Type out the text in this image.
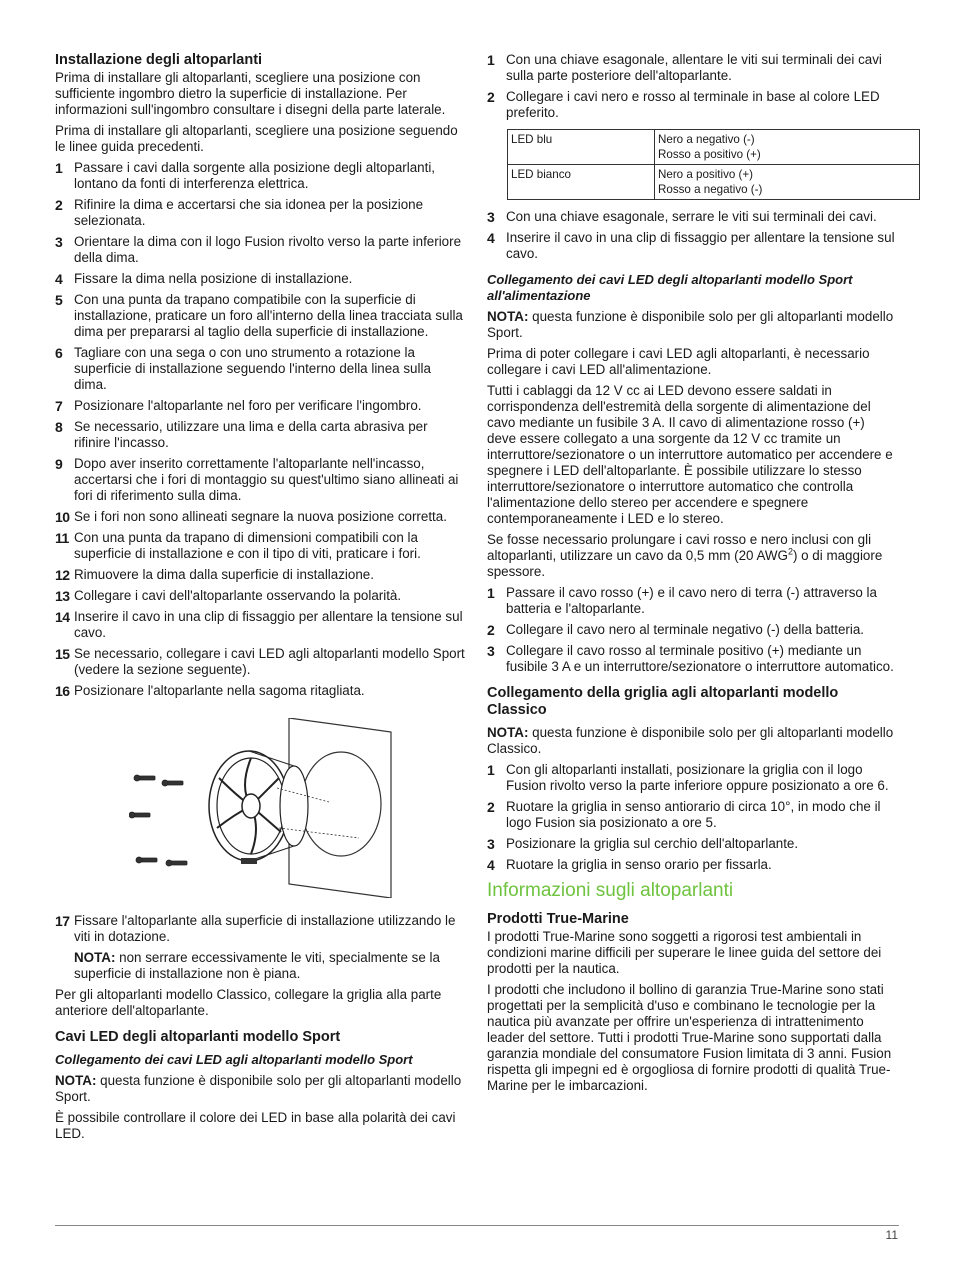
Installazione degli altoparlanti

Prima di installare gli altoparlanti, scegliere una posizione con sufficiente ingombro dietro la superficie di installazione. Per informazioni sull'ingombro consultare i disegni della parte laterale.

Prima di installare gli altoparlanti, scegliere una posizione seguendo le linee guida precedenti.

1 Passare i cavi dalla sorgente alla posizione degli altoparlanti, lontano da fonti di interferenza elettrica.
2 Rifinire la dima e accertarsi che sia idonea per la posizione selezionata.
3 Orientare la dima con il logo Fusion rivolto verso la parte inferiore della dima.
4 Fissare la dima nella posizione di installazione.
5 Con una punta da trapano compatibile con la superficie di installazione, praticare un foro all'interno della linea tracciata sulla dima per prepararsi al taglio della superficie di installazione.
6 Tagliare con una sega o con uno strumento a rotazione la superficie di installazione seguendo l'interno della linea sulla dima.
7 Posizionare l'altoparlante nel foro per verificare l'ingombro.
8 Se necessario, utilizzare una lima e della carta abrasiva per rifinire l'incasso.
9 Dopo aver inserito correttamente l'altoparlante nell'incasso, accertarsi che i fori di montaggio su quest'ultimo siano allineati ai fori di riferimento sulla dima.
10 Se i fori non sono allineati segnare la nuova posizione corretta.
11 Con una punta da trapano di dimensioni compatibili con la superficie di installazione e con il tipo di viti, praticare i fori.
12 Rimuovere la dima dalla superficie di installazione.
13 Collegare i cavi dell'altoparlante osservando la polarità.
14 Inserire il cavo in una clip di fissaggio per allentare la tensione sul cavo.
15 Se necessario, collegare i cavi LED agli altoparlanti modello Sport (vedere la sezione seguente).
16 Posizionare l'altoparlante nella sagoma ritagliata.
17 Fissare l'altoparlante alla superficie di installazione utilizzando le viti in dotazione.

NOTA: non serrare eccessivamente le viti, specialmente se la superficie di installazione non è piana.

Per gli altoparlanti modello Classico, collegare la griglia alla parte anteriore dell'altoparlante.

Cavi LED degli altoparlanti modello Sport
Collegamento dei cavi LED agli altoparlanti modello Sport

NOTA: questa funzione è disponibile solo per gli altoparlanti modello Sport.

È possibile controllare il colore dei LED in base alla polarità dei cavi LED.

1 Con una chiave esagonale, allentare le viti sui terminali dei cavi sulla parte posteriore dell'altoparlante.
2 Collegare i cavi nero e rosso al terminale in base al colore LED preferito.
LED blu	Nero a negativo (-)
Rosso a positivo (+)
LED bianco	Nero a positivo (+)
Rosso a negativo (-)
3 Con una chiave esagonale, serrare le viti sui terminali dei cavi.
4 Inserire il cavo in una clip di fissaggio per allentare la tensione sul cavo.
Collegamento dei cavi LED degli altoparlanti modello Sport all'alimentazione

NOTA: questa funzione è disponibile solo per gli altoparlanti modello Sport.

Prima di poter collegare i cavi LED agli altoparlanti, è necessario collegare i cavi LED all'alimentazione.

Tutti i cablaggi da 12 V cc ai LED devono essere saldati in corrispondenza dell'estremità della sorgente di alimentazione del cavo mediante un fusibile 3 A. Il cavo di alimentazione rosso (+) deve essere collegato a una sorgente da 12 V cc tramite un interruttore/sezionatore o un interruttore automatico per accendere e spegnere i LED dell'altoparlante. È possibile utilizzare lo stesso interruttore/sezionatore o interruttore automatico che controlla l'alimentazione dello stereo per accendere e spegnere contemporaneamente i LED e lo stereo.

Se fosse necessario prolungare i cavi rosso e nero inclusi con gli altoparlanti, utilizzare un cavo da 0,5 mm (20 AWG$^2$) o di maggiore spessore.

1 Passare il cavo rosso (+) e il cavo nero di terra (-) attraverso la batteria e l'altoparlante.
2 Collegare il cavo nero al terminale negativo (-) della batteria.
3 Collegare il cavo rosso al terminale positivo (+) mediante un fusibile 3 A e un interruttore/sezionatore o interruttore automatico.
Collegamento della griglia agli altoparlanti modello Classico

NOTA: questa funzione è disponibile solo per gli altoparlanti modello Classico.

1 Con gli altoparlanti installati, posizionare la griglia con il logo Fusion rivolto verso la parte inferiore oppure posizionato a ore 6.
2 Ruotare la griglia in senso antiorario di circa 10°, in modo che il logo Fusion sia posizionato a ore 5.
3 Posizionare la griglia sul cerchio dell'altoparlante.
4 Ruotare la griglia in senso orario per fissarla.
Informazioni sugli altoparlanti
Prodotti True-Marine

I prodotti True-Marine sono soggetti a rigorosi test ambientali in condizioni marine difficili per superare le linee guida del settore dei prodotti per la nautica.

I prodotti che includono il bollino di garanzia True-Marine sono stati progettati per la semplicità d'uso e combinano le tecnologie per la nautica più avanzate per offrire un'esperienza di intrattenimento leader del settore. Tutti i prodotti True-Marine sono supportati dalla garanzia mondiale del consumatore Fusion limitata di 3 anni. Fusion rispetta gli impegni ed è orgogliosa di fornire prodotti di qualità True-Marine per le imbarcazioni.

11
